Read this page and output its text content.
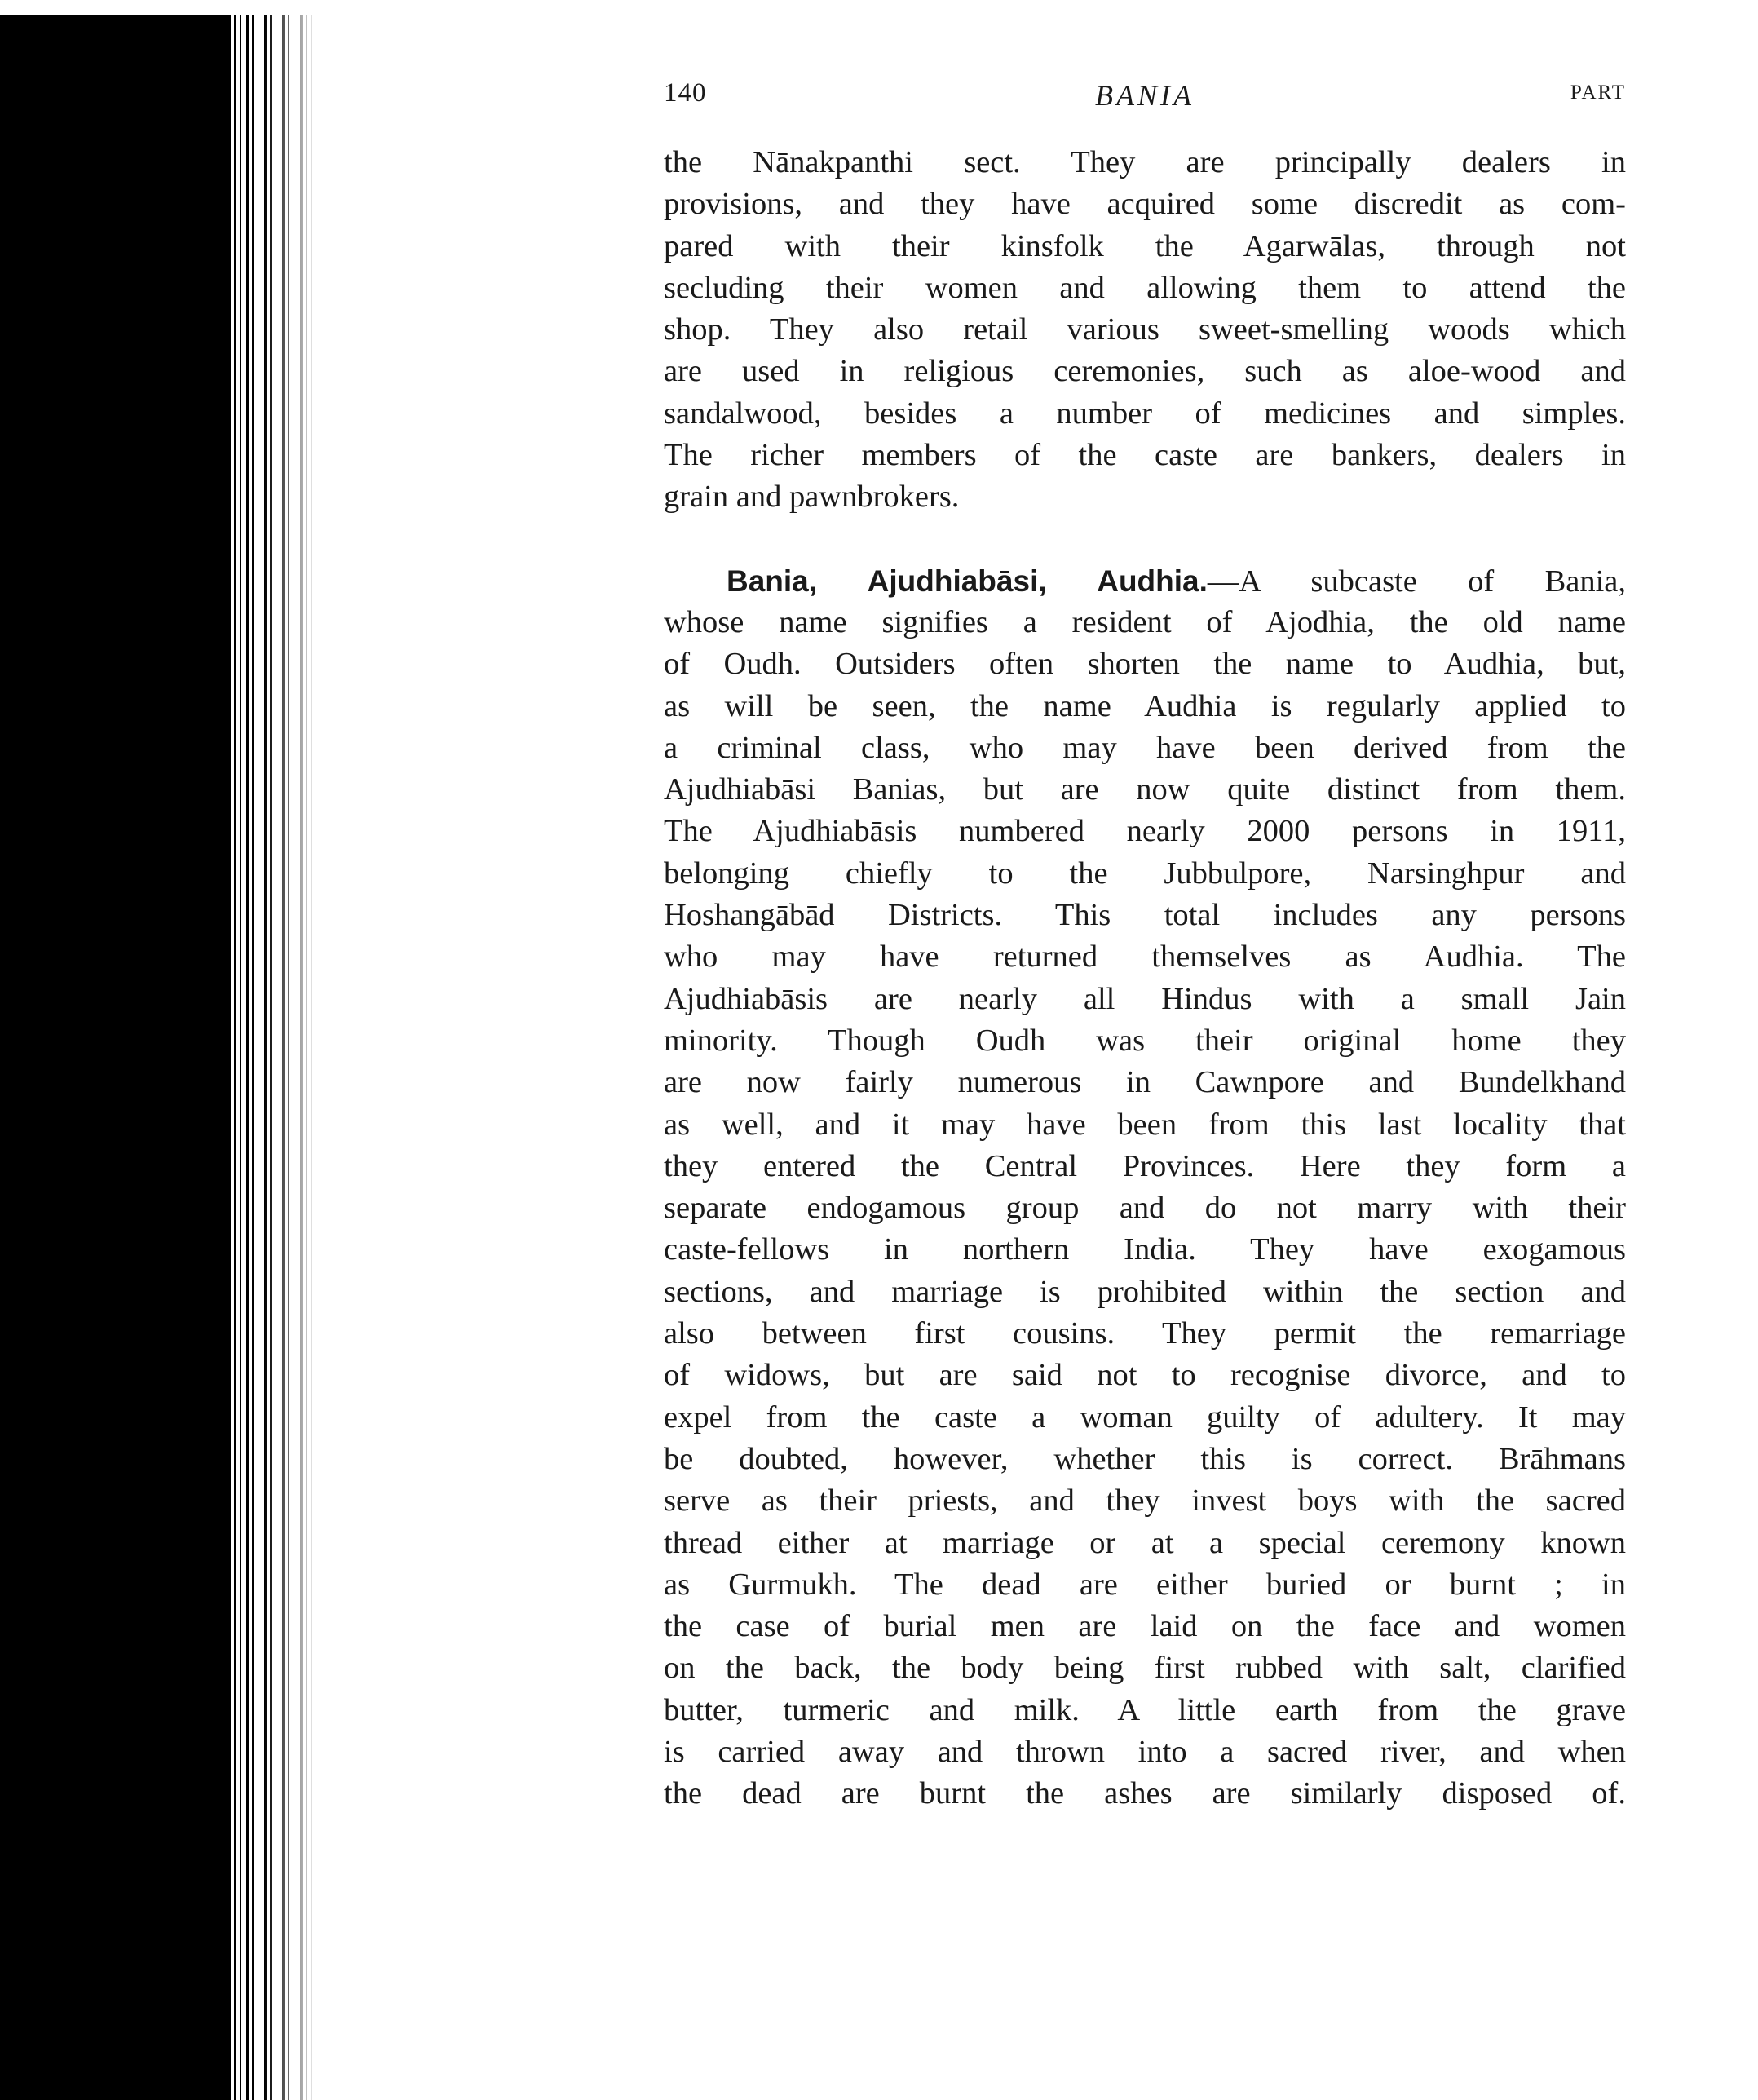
140	BANIA	PART
the Nānakpanthi sect. They are principally dealers in
provisions, and they have acquired some discredit as com-
pared with their kinsfolk the Agarwālas, through not
secluding their women and allowing them to attend the
shop. They also retail various sweet-smelling woods which
are used in religious ceremonies, such as aloe-wood and
sandalwood, besides a number of medicines and simples.
The richer members of the caste are bankers, dealers in
grain and pawnbrokers.
Bania, Ajudhiabāsi, Audhia.—A subcaste of Bania,
whose name signifies a resident of Ajodhia, the old name
of Oudh. Outsiders often shorten the name to Audhia, but,
as will be seen, the name Audhia is regularly applied to
a criminal class, who may have been derived from the
Ajudhiabāsi Banias, but are now quite distinct from them.
The Ajudhiabāsis numbered nearly 2000 persons in 1911,
belonging chiefly to the Jubbulpore, Narsinghpur and
Hoshangābād Districts. This total includes any persons
who may have returned themselves as Audhia. The
Ajudhiabāsis are nearly all Hindus with a small Jain
minority. Though Oudh was their original home they
are now fairly numerous in Cawnpore and Bundelkhand
as well, and it may have been from this last locality that
they entered the Central Provinces. Here they form a
separate endogamous group and do not marry with their
caste-fellows in northern India. They have exogamous
sections, and marriage is prohibited within the section and
also between first cousins. They permit the remarriage
of widows, but are said not to recognise divorce, and to
expel from the caste a woman guilty of adultery. It may
be doubted, however, whether this is correct. Brāhmans
serve as their priests, and they invest boys with the sacred
thread either at marriage or at a special ceremony known
as Gurmukh. The dead are either buried or burnt ; in
the case of burial men are laid on the face and women
on the back, the body being first rubbed with salt, clarified
butter, turmeric and milk. A little earth from the grave
is carried away and thrown into a sacred river, and when
the dead are burnt the ashes are similarly disposed of.
